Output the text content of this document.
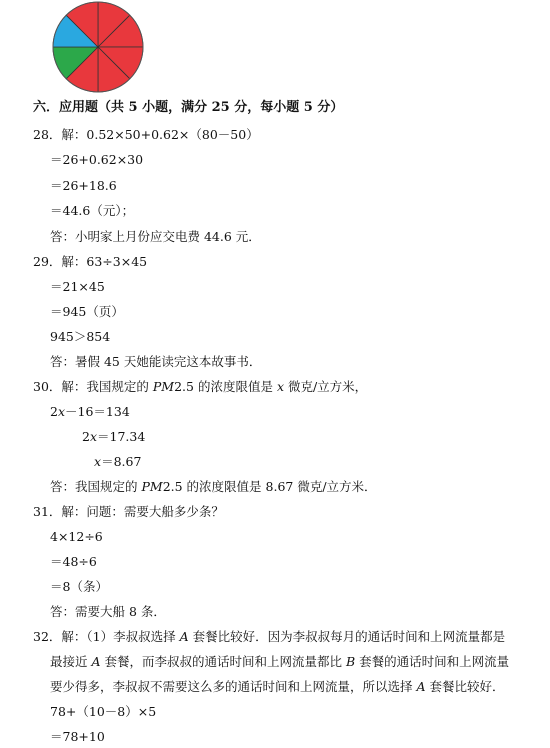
六．应用题（共 5 小题，满分 25 分，每小题 5 分）
28．解：0.52×50+0.62×（80－50）
＝26+0.62×30
＝26+18.6
＝44.6（元）；
答：小明家上月份应交电费 44.6 元．
29．解：63÷3×45
＝21×45
＝945（页）
945＞854
答：暑假 45 天她能读完这本故事书．
30．解：我国规定的 PM2.5 的浓度限值是 x 微克/立方米，
2x－16＝134
2x＝17.34
x＝8.67
答：我国规定的 PM2.5 的浓度限值是 8.67 微克/立方米．
31．解：问题：需要大船多少条？
4×12÷6
＝48÷6
＝8（条）
答：需要大船 8 条．
32．解：（1）李叔叔选择 A 套餐比较好．因为李叔叔每月的通话时间和上网流量都是
最接近 A 套餐，而李叔叔的通话时间和上网流量都比 B 套餐的通话时间和上网流量
要少得多，李叔叔不需要这么多的通话时间和上网流量，所以选择 A 套餐比较好．
78+（10－8）×5
＝78+10
